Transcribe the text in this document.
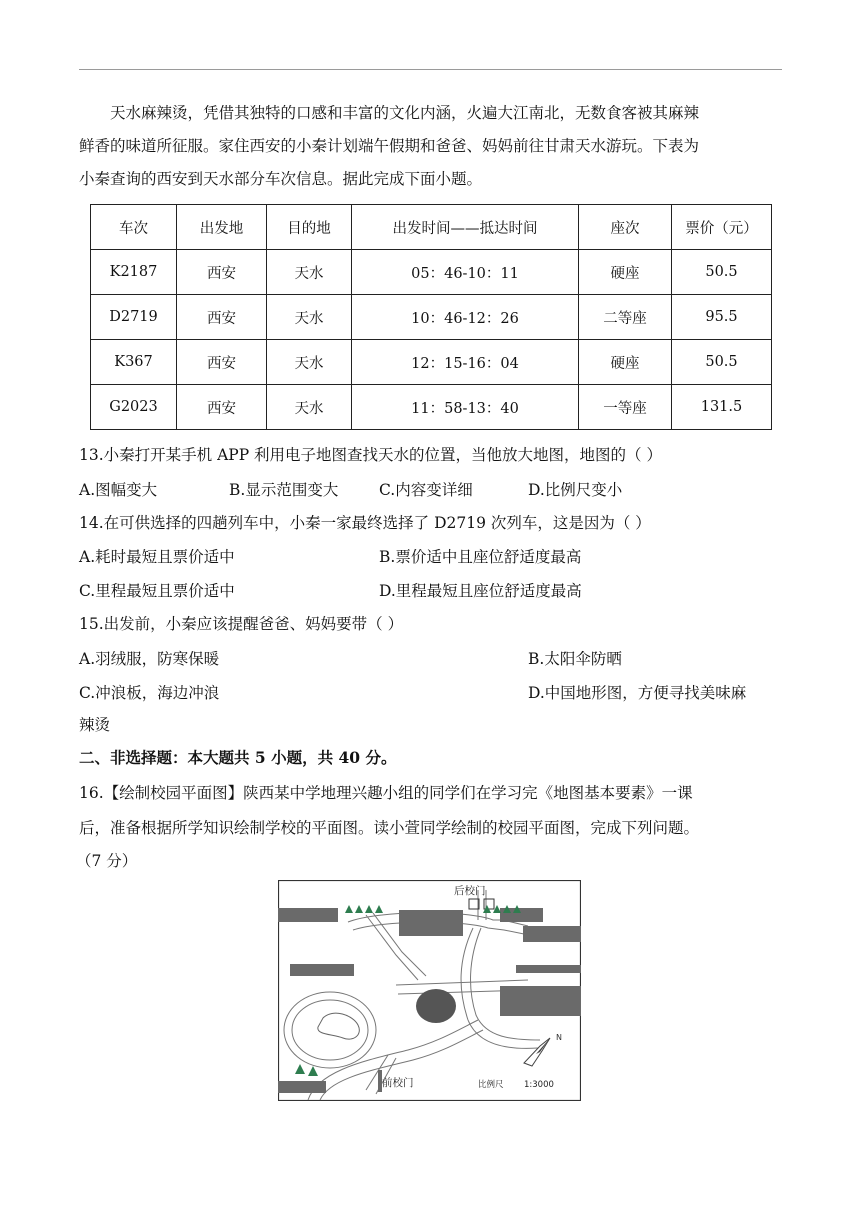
天水麻辣烫，凭借其独特的口感和丰富的文化内涵，火遍大江南北，无数食客被其麻辣

鲜香的味道所征服。家住西安的小秦计划端午假期和爸爸、妈妈前往甘肃天水游玩。下表为

小秦查询的西安到天水部分车次信息。据此完成下面小题。

车次	出发地	目的地	出发时间——抵达时间	座次	票价（元）
K2187	西安	天水	05：46-10：11	硬座	50.5
D2719	西安	天水	10：46-12：26	二等座	95.5
K367	西安	天水	12：15-16：04	硬座	50.5
G2023	西安	天水	11：58-13：40	一等座	131.5
13.小秦打开某手机 APP 利用电子地图查找天水的位置，当他放大地图，地图的（ ）
A.图幅变大	B.显示范围变大	C.内容变详细	D.比例尺变小
14.在可供选择的四趟列车中，小秦一家最终选择了 D2719 次列车，这是因为（ ）
A.耗时最短且票价适中	B.票价适中且座位舒适度最高
C.里程最短且票价适中	D.里程最短且座位舒适度最高
15.出发前，小秦应该提醒爸爸、妈妈要带（ ）
A.羽绒服，防寒保暖	B.太阳伞防晒
C.冲浪板，海边冲浪	D.中国地形图，方便寻找美味麻
辣烫
二、非选择题：本大题共 5 小题，共 40 分。
16.【绘制校园平面图】陕西某中学地理兴趣小组的同学们在学习完《地图基本要素》一课
后，准备根据所学知识绘制学校的平面图。读小萱同学绘制的校园平面图，完成下列问题。
（7 分）
N
后校门
前校门	比例尺 1:3000
